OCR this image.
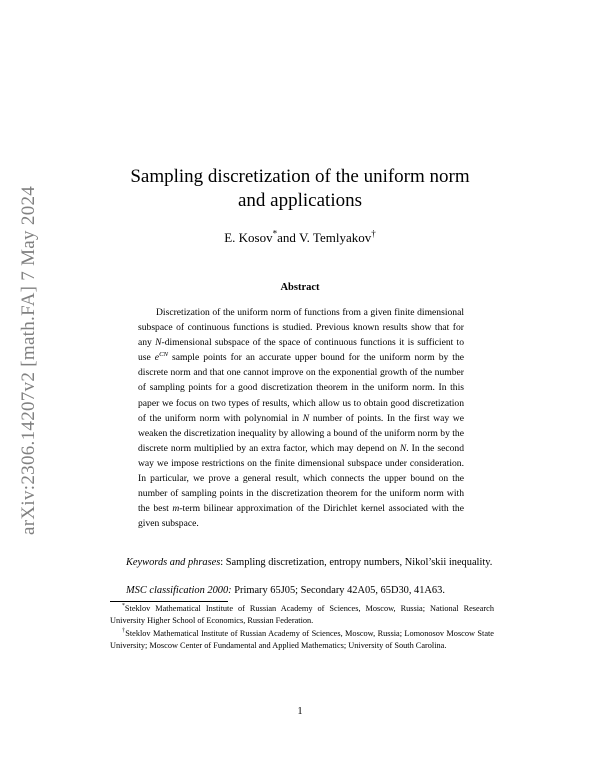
arXiv:2306.14207v2 [math.FA] 7 May 2024
Sampling discretization of the uniform norm
and applications
E. Kosov*and V. Temlyakov†
Abstract
Discretization of the uniform norm of functions from a given finite dimensional subspace of continuous functions is studied. Previous known results show that for any N-dimensional subspace of the space of continuous functions it is sufficient to use $e^{CN}$ sample points for an accurate upper bound for the uniform norm by the discrete norm and that one cannot improve on the exponential growth of the number of sampling points for a good discretization theorem in the uniform norm. In this paper we focus on two types of results, which allow us to obtain good discretization of the uniform norm with polynomial in N number of points. In the first way we weaken the discretization inequality by allowing a bound of the uniform norm by the discrete norm multiplied by an extra factor, which may depend on N. In the second way we impose restrictions on the finite dimensional subspace under consideration. In particular, we prove a general result, which connects the upper bound on the number of sampling points in the discretization theorem for the uniform norm with the best m-term bilinear approximation of the Dirichlet kernel associated with the given subspace.
Keywords and phrases: Sampling discretization, entropy numbers, Nikol’skii inequality.
MSC classification 2000: Primary 65J05; Secondary 42A05, 65D30, 41A63.
*Steklov Mathematical Institute of Russian Academy of Sciences, Moscow, Russia; National Research University Higher School of Economics, Russian Federation.
†Steklov Mathematical Institute of Russian Academy of Sciences, Moscow, Russia; Lomonosov Moscow State University; Moscow Center of Fundamental and Applied Mathematics; University of South Carolina.
1
